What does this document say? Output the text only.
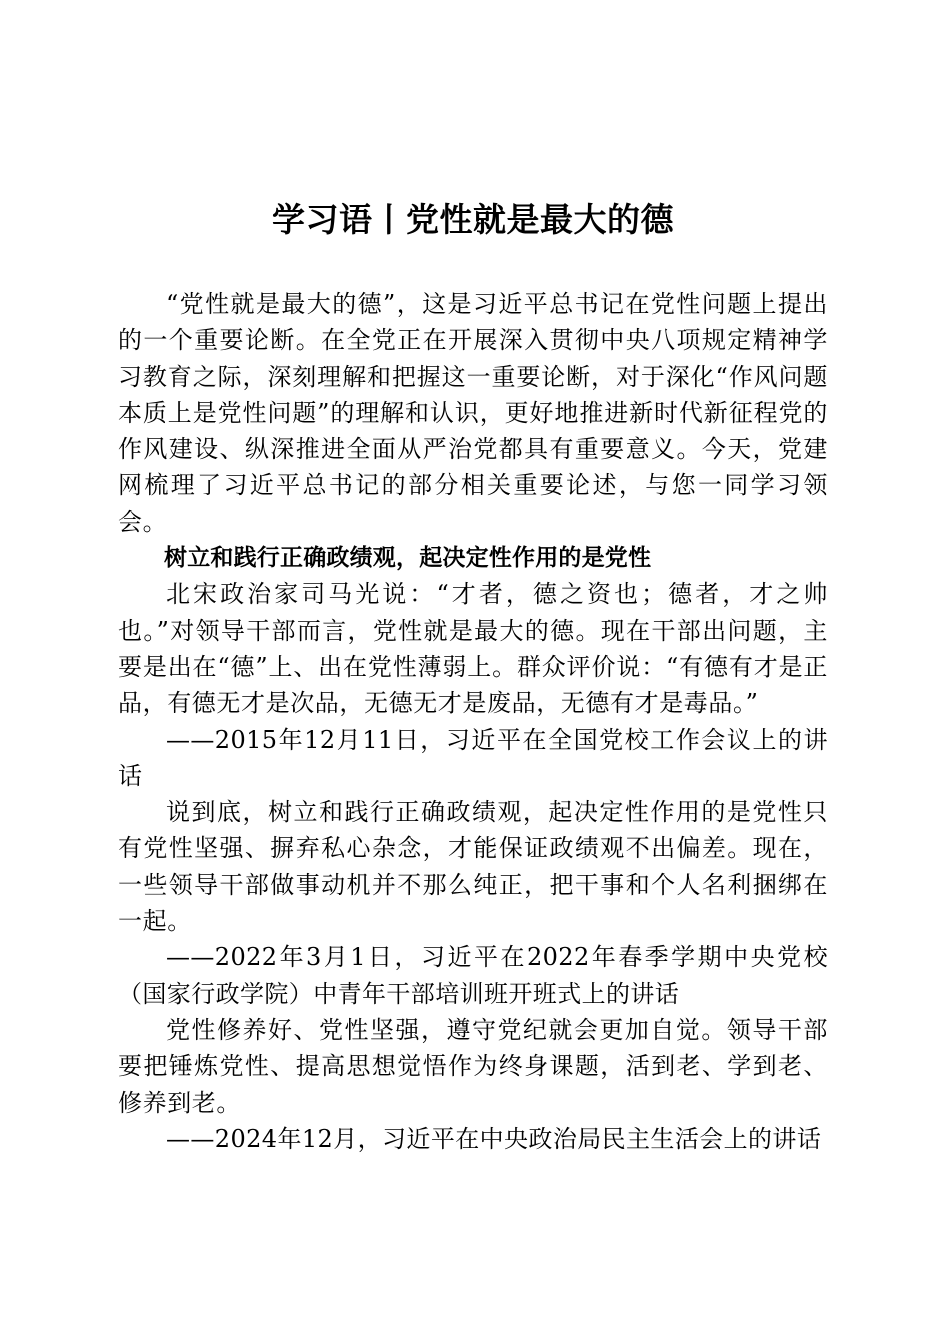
学习语丨党性就是最大的德

“党性就是最大的德”，这是习近平总书记在党性问题上提出的一个重要论断。在全党正在开展深入贯彻中央八项规定精神学习教育之际，深刻理解和把握这一重要论断，对于深化“作风问题本质上是党性问题”的理解和认识，更好地推进新时代新征程党的作风建设、纵深推进全面从严治党都具有重要意义。今天，党建网梳理了习近平总书记的部分相关重要论述，与您一同学习领会。

树立和践行正确政绩观，起决定性作用的是党性

北宋政治家司马光说：“才者，德之资也；德者，才之帅也。”对领导干部而言，党性就是最大的德。现在干部出问题，主要是出在“德”上、出在党性薄弱上。群众评价说：“有德有才是正品，有德无才是次品，无德无才是废品，无德有才是毒品。”

——2015年12月11日，习近平在全国党校工作会议上的讲话

说到底，树立和践行正确政绩观，起决定性作用的是党性只有党性坚强、摒弃私心杂念，才能保证政绩观不出偏差。现在，一些领导干部做事动机并不那么纯正，把干事和个人名利捆绑在一起。

——2022年3月1日，习近平在2022年春季学期中央党校（国家行政学院）中青年干部培训班开班式上的讲话

党性修养好、党性坚强，遵守党纪就会更加自觉。领导干部要把锤炼党性、提高思想觉悟作为终身课题，活到老、学到老、修养到老。

——2024年12月，习近平在中央政治局民主生活会上的讲话
